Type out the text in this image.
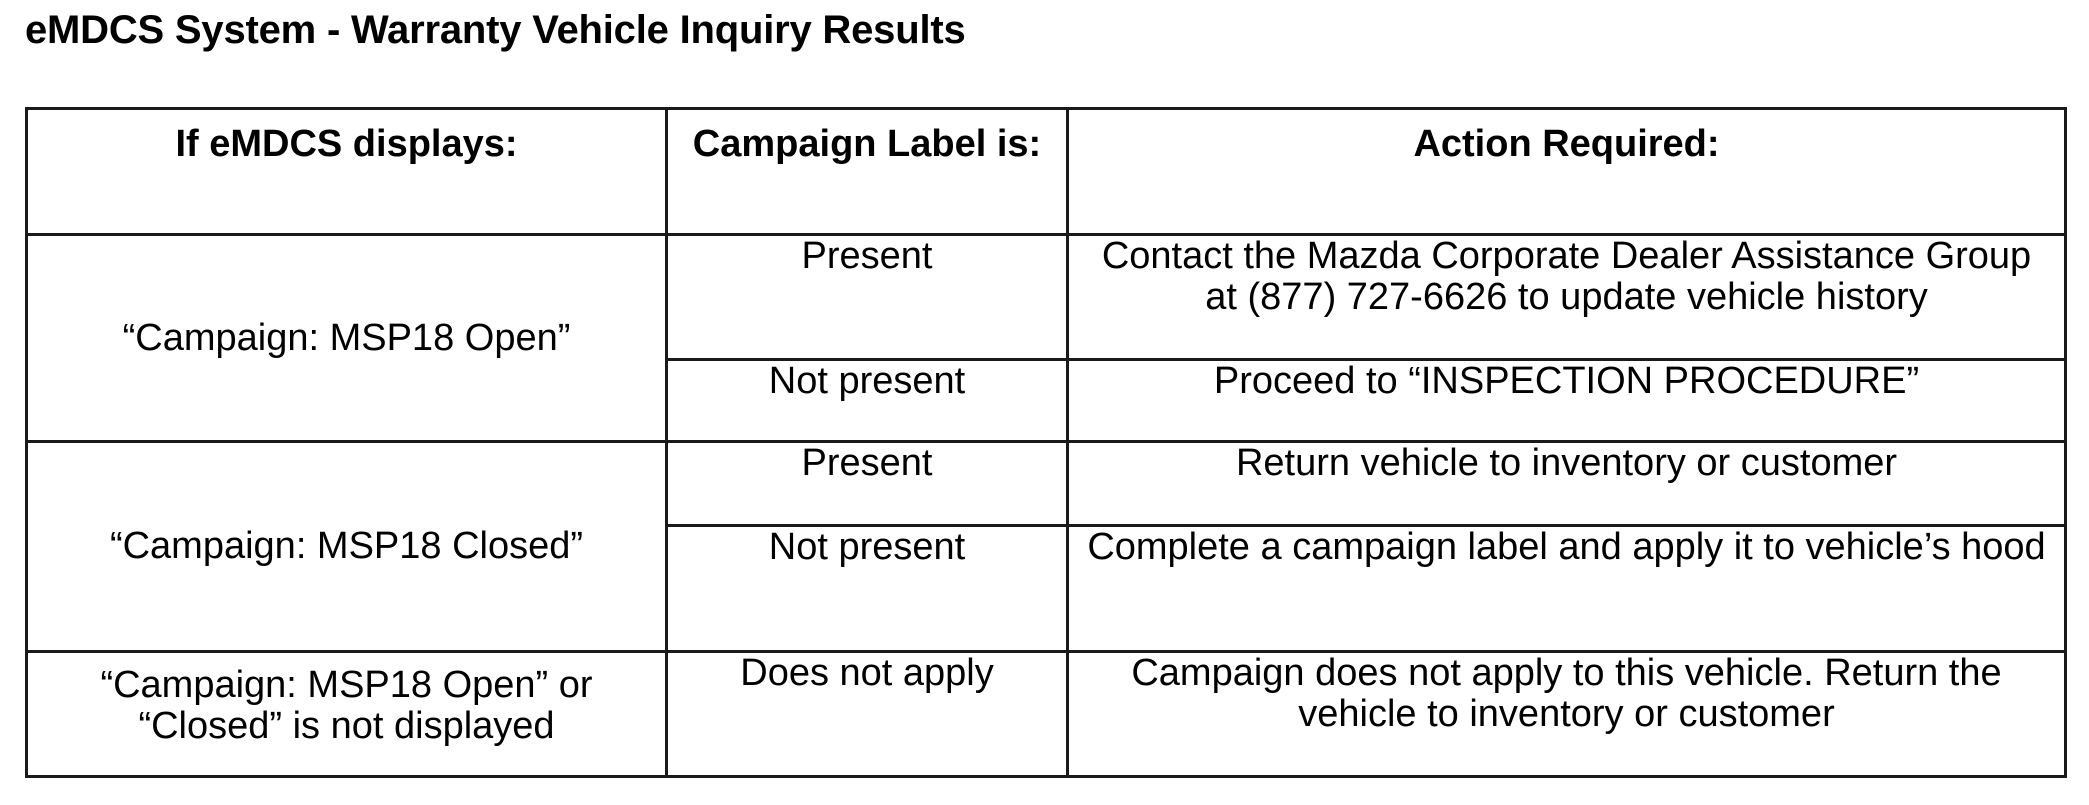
eMDCS System - Warranty Vehicle Inquiry Results
If eMDCS displays:	Campaign Label is:	Action Required:
“Campaign: MSP18 Open”	Present	Contact the Mazda Corporate Dealer Assistance Group at (877) 727-6626 to update vehicle history
	Not present	Proceed to “INSPECTION PROCEDURE”
“Campaign: MSP18 Closed”	Present	Return vehicle to inventory or customer
	Not present	Complete a campaign label and apply it to vehicle’s hood
“Campaign: MSP18 Open” or “Closed” is not displayed	Does not apply	Campaign does not apply to this vehicle. Return the vehicle to inventory or customer
